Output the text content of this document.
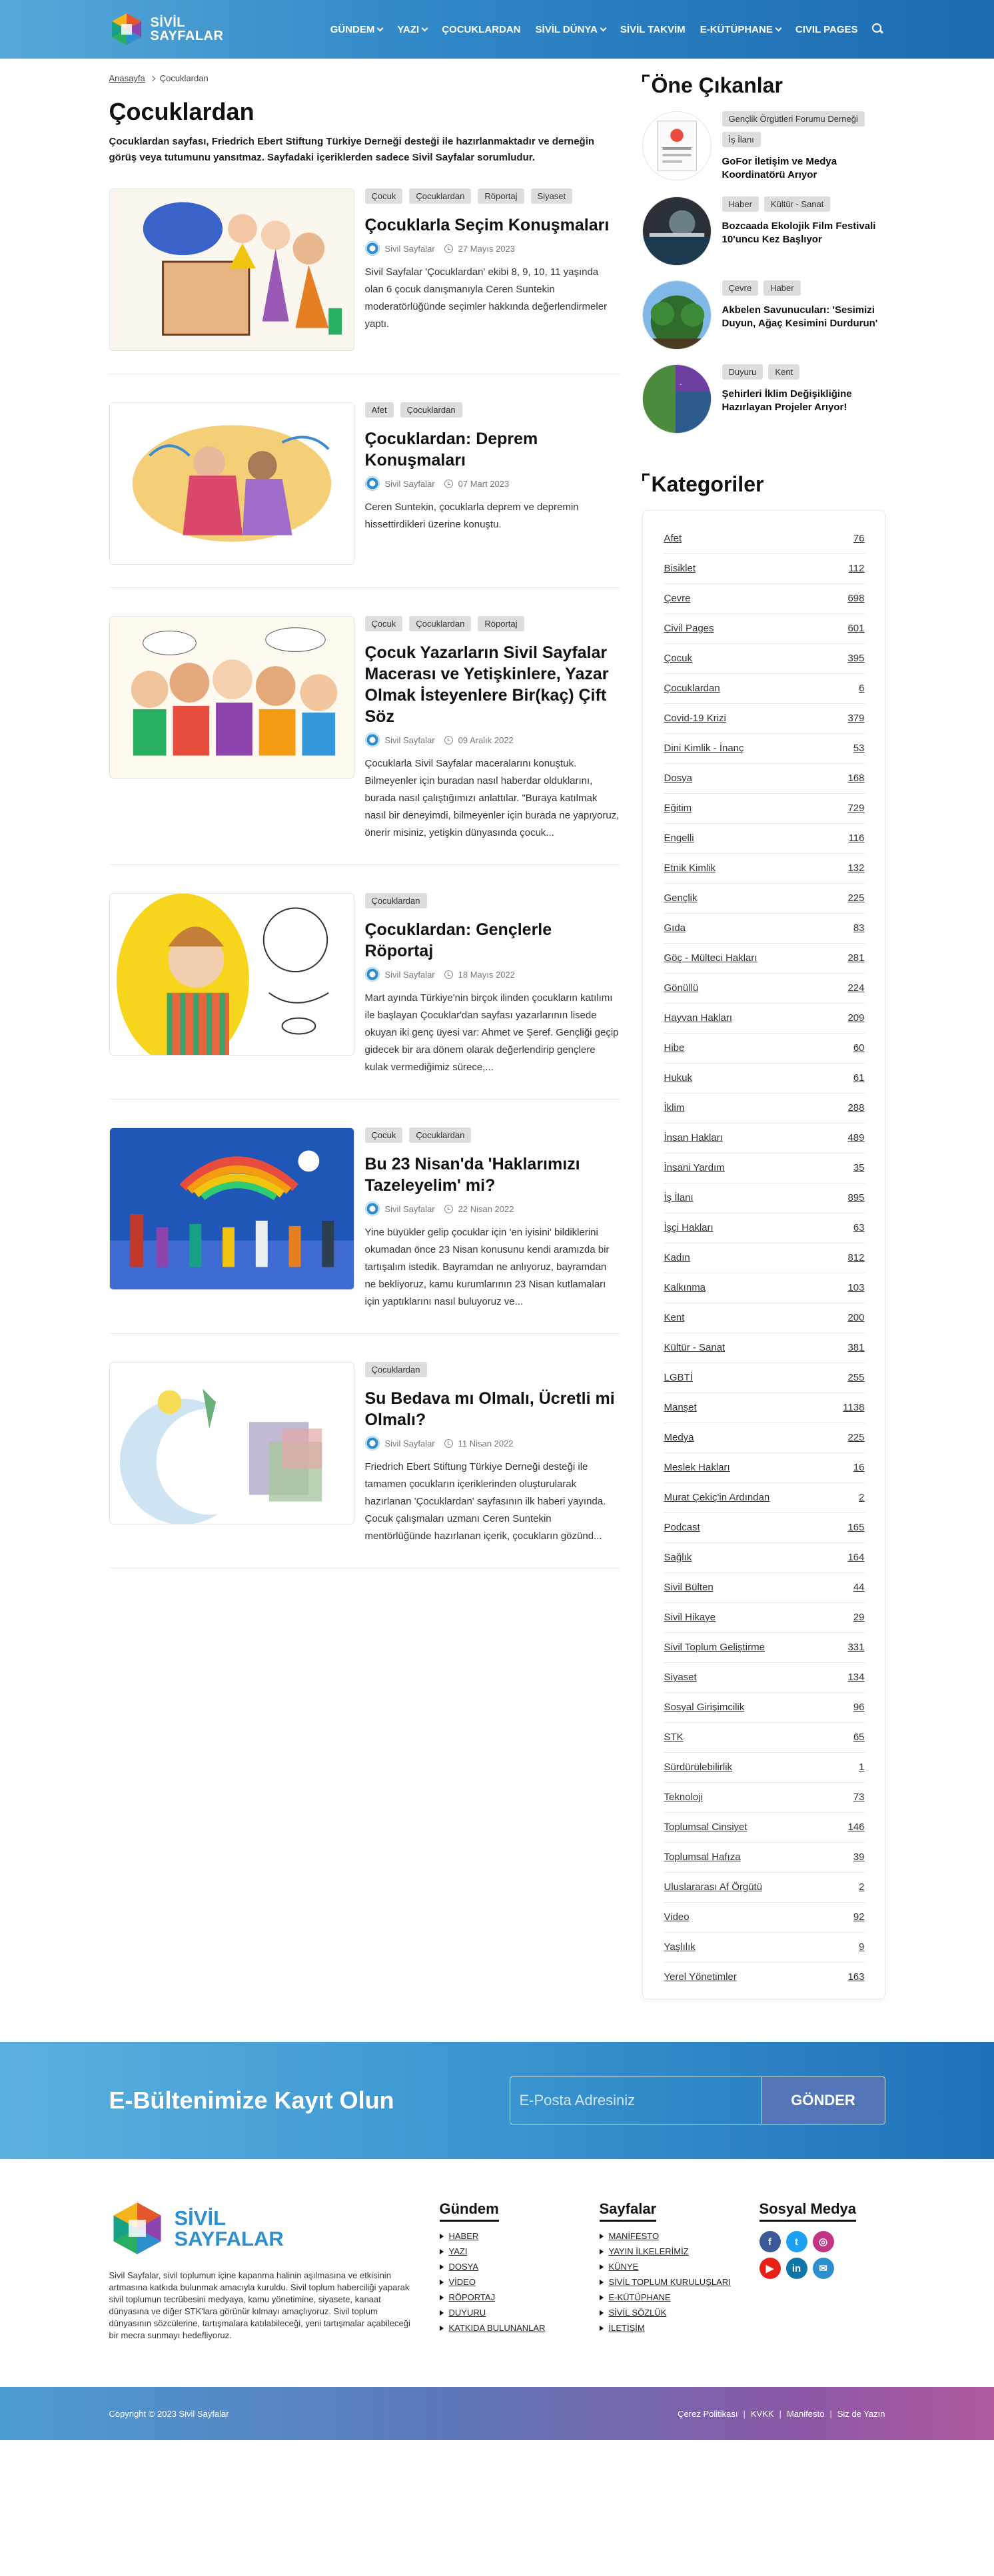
SİVİL
SAYFALAR	GÜNDEM YAZI ÇOCUKLARDAN SİVİL DÜNYA SİVİL TAKVİM E-KÜTÜPHANE CIVIL PAGES
Anasayfa Çocuklardan
Çocuklardan

Çocuklardan sayfası, Friedrich Ebert Stiftung Türkiye Derneği desteği ile hazırlanmaktadır ve derneğin görüş veya tutumunu yansıtmaz. Sayfadaki içeriklerden sadece Sivil Sayfalar sorumludur.

Çocuk	Çocuklardan	Röportaj	Siyaset
Çocuklarla Seçim Konuşmaları
Sivil Sayfalar	27 Mayıs 2023

Sivil Sayfalar 'Çocuklardan' ekibi 8, 9, 10, 11 yaşında olan 6 çocuk danışmanıyla Ceren Suntekin moderatörlüğünde seçimler hakkında değerlendirmeler yaptı.

Afet	Çocuklardan
Çocuklardan: Deprem Konuşmaları
Sivil Sayfalar	07 Mart 2023

Ceren Suntekin, çocuklarla deprem ve depremin hissettirdikleri üzerine konuştu.

Çocuk	Çocuklardan	Röportaj
Çocuk Yazarların Sivil Sayfalar Macerası ve Yetişkinlere, Yazar Olmak İsteyenlere Bir(kaç) Çift Söz
Sivil Sayfalar	09 Aralık 2022

Çocuklarla Sivil Sayfalar maceralarını konuştuk. Bilmeyenler için buradan nasıl haberdar olduklarını, burada nasıl çalıştığımızı anlattılar. "Buraya katılmak nasıl bir deneyimdi, bilmeyenler için burada ne yapıyoruz, önerir misiniz, yetişkin dünyasında çocuk...

Çocuklardan
Çocuklardan: Gençlerle Röportaj
Sivil Sayfalar	18 Mayıs 2022

Mart ayında Türkiye'nin birçok ilinden çocukların katılımı ile başlayan Çocuklar'dan sayfası yazarlarının lisede okuyan iki genç üyesi var: Ahmet ve Şeref. Gençliği geçip gidecek bir ara dönem olarak değerlendirip gençlere kulak vermediğimiz sürece,...

Çocuk	Çocuklardan
Bu 23 Nisan'da 'Haklarımızı Tazeleyelim' mi?
Sivil Sayfalar	22 Nisan 2022

Yine büyükler gelip çocuklar için 'en iyisini' bildiklerini okumadan önce 23 Nisan konusunu kendi aramızda bir tartışalım istedik. Bayramdan ne anlıyoruz, bayramdan ne bekliyoruz, kamu kurumlarının 23 Nisan kutlamaları için yaptıklarını nasıl buluyoruz ve...

Çocuklardan
Su Bedava mı Olmalı, Ücretli mi Olmalı?
Sivil Sayfalar	11 Nisan 2022

Friedrich Ebert Stiftung Türkiye Derneği desteği ile tamamen çocukların içeriklerinden oluşturularak hazırlanan 'Çocuklardan' sayfasının ilk haberi yayında. Çocuk çalışmaları uzmanı Ceren Suntekin mentörlüğünde hazırlanan içerik, çocukların gözünd...

Öne Çıkanlar
Gençlik Örgütleri Forumu Derneği
İş İlanı
GoFor İletişim ve Medya Koordinatörü Arıyor
Haber	Kültür - Sanat
Bozcaada Ekolojik Film Festivali 10'uncu Kez Başlıyor
Çevre	Haber
Akbelen Savunucuları: 'Sesimizi Duyun, Ağaç Kesimini Durdurun'
·
Duyuru	Kent
Şehirleri İklim Değişikliğine Hazırlayan Projeler Arıyor!
Kategoriler
Afet	76
Bisiklet	112
Çevre	698
Civil Pages	601
Çocuk	395
Çocuklardan	6
Covid-19 Krizi	379
Dini Kimlik - İnanç	53
Dosya	168
Eğitim	729
Engelli	116
Etnik Kimlik	132
Gençlik	225
Gıda	83
Göç - Mülteci Hakları	281
Gönüllü	224
Hayvan Hakları	209
Hibe	60
Hukuk	61
İklim	288
İnsan Hakları	489
İnsani Yardım	35
İş İlanı	895
İşçi Hakları	63
Kadın	812
Kalkınma	103
Kent	200
Kültür - Sanat	381
LGBTİ	255
Manşet	1138
Medya	225
Meslek Hakları	16
Murat Çekiç'in Ardından	2
Podcast	165
Sağlık	164
Sivil Bülten	44
Sivil Hikaye	29
Sivil Toplum Geliştirme	331
Siyaset	134
Sosyal Girişimcilik	96
STK	65
Sürdürülebilirlik	1
Teknoloji	73
Toplumsal Cinsiyet	146
Toplumsal Hafıza	39
Uluslararası Af Örgütü	2
Video	92
Yaşlılık	9
Yerel Yönetimler	163
E-Bültenimize Kayıt Olun
E-Posta Adresiniz	GÖNDER
SİVİL
SAYFALAR

Sivil Sayfalar, sivil toplumun içine kapanma halinin aşılmasına ve etkisinin artmasına katkıda bulunmak amacıyla kuruldu. Sivil toplum haberciliği yaparak sivil toplumun tecrübesini medyaya, kamu yönetimine, siyasete, kanaat dünyasına ve diğer STK'lara görünür kılmayı amaçlıyoruz. Sivil toplum dünyasının sözcülerine, tartışmalara katılabileceği, yeni tartışmalar açabileceği bir mecra sunmayı hedefliyoruz.

Gündem
HABER
YAZI
DOSYA
VİDEO
RÖPORTAJ
DUYURU
KATKIDA BULUNANLAR
Sayfalar
MANİFESTO
YAYIN İLKELERİMİZ
KÜNYE
SİVİL TOPLUM KURULUŞLARI
E-KÜTÜPHANE
SİVİL SÖZLÜK
İLETİŞİM
Sosyal Medya
f	t	◎
▶	in	✉
Copyright © 2023 Sivil Sayfalar	Çerez Politikası | KVKK | Manifesto | Siz de Yazın
